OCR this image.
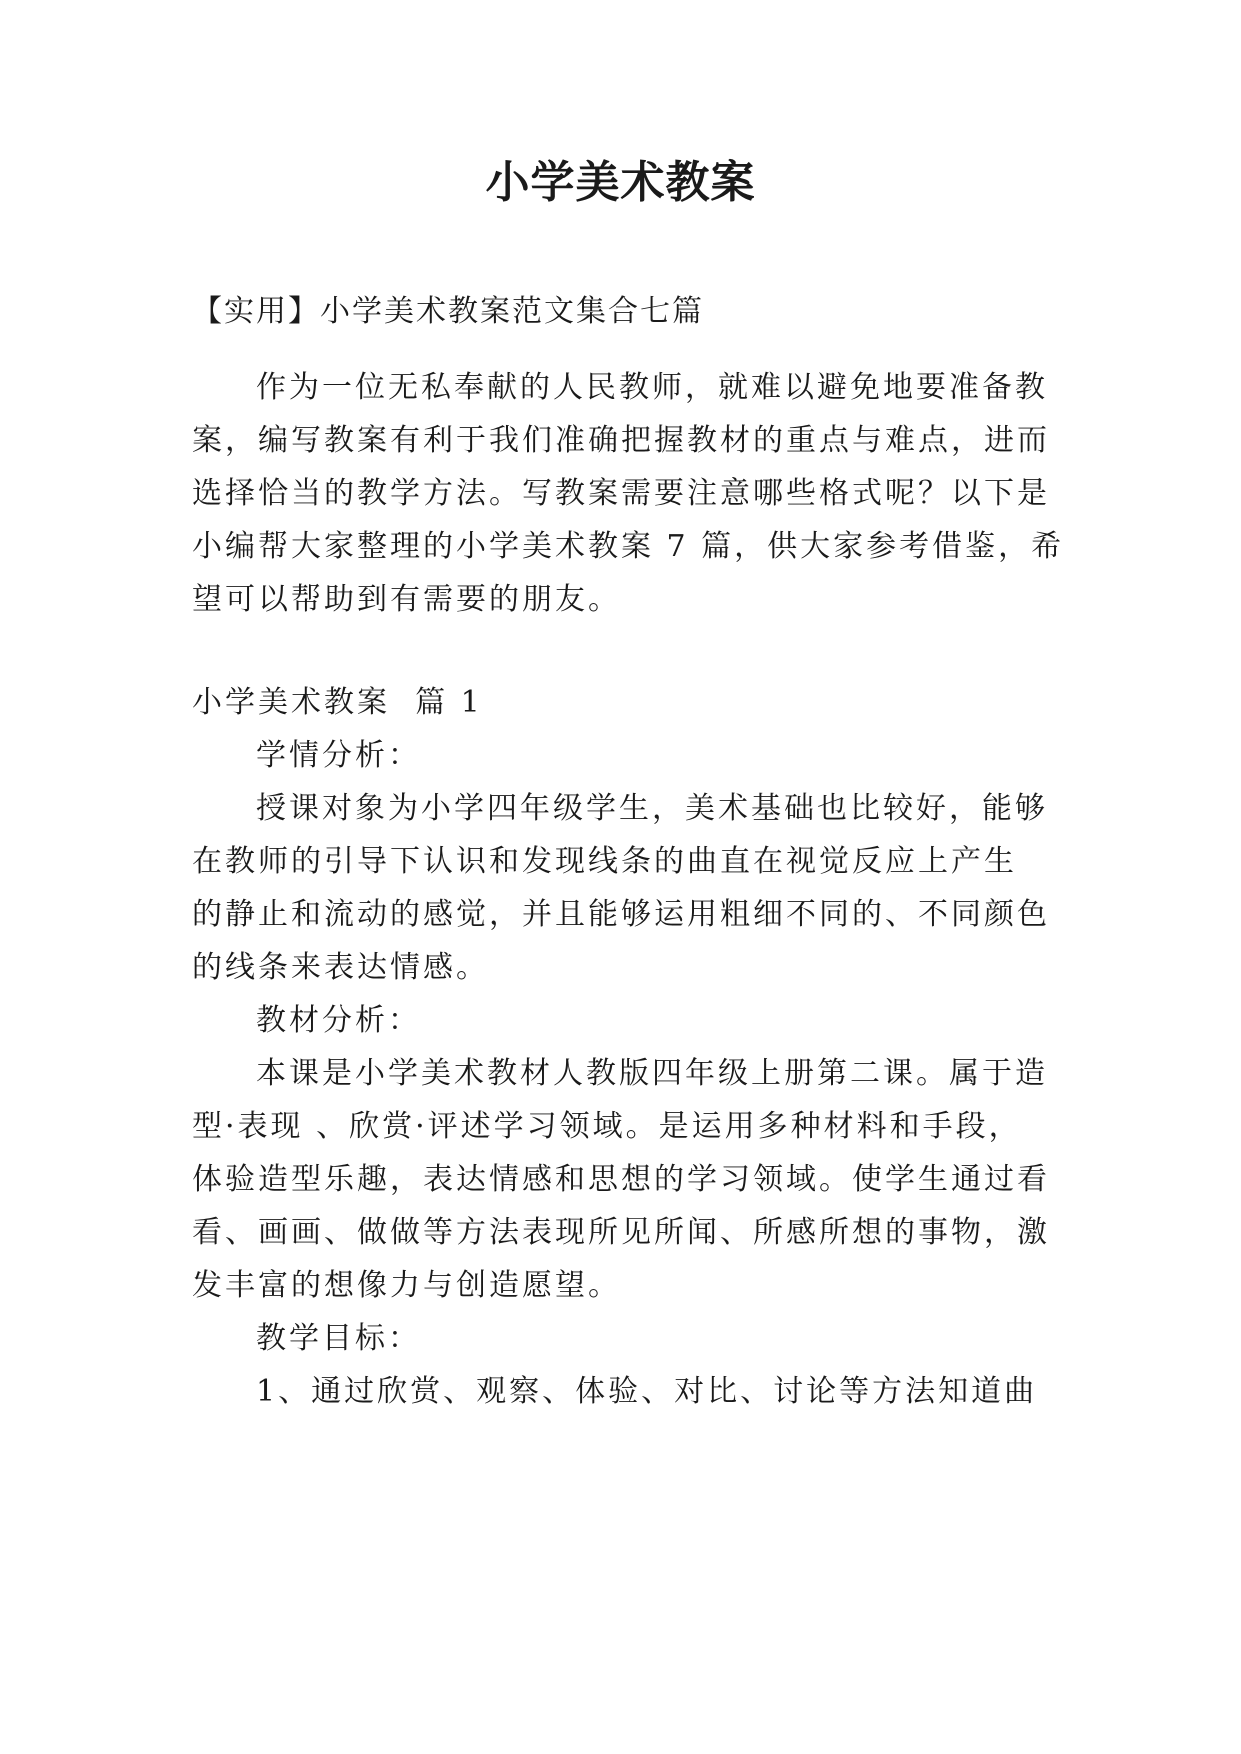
小学美术教案
【实用】小学美术教案范文集合七篇
作为一位无私奉献的人民教师，就难以避免地要准备教
案，编写教案有利于我们准确把握教材的重点与难点，进而
选择恰当的教学方法。写教案需要注意哪些格式呢？以下是
小编帮大家整理的小学美术教案 7 篇，供大家参考借鉴，希
望可以帮助到有需要的朋友。
小学美术教案  篇 1
学情分析：
授课对象为小学四年级学生，美术基础也比较好，能够
在教师的引导下认识和发现线条的曲直在视觉反应上产生
的静止和流动的感觉，并且能够运用粗细不同的、不同颜色
的线条来表达情感。
教材分析：
本课是小学美术教材人教版四年级上册第二课。属于造
型·表现 、欣赏·评述学习领域。是运用多种材料和手段，
体验造型乐趣，表达情感和思想的学习领域。使学生通过看
看、画画、做做等方法表现所见所闻、所感所想的事物，激
发丰富的想像力与创造愿望。
教学目标：
1、通过欣赏、观察、体验、对比、讨论等方法知道曲
